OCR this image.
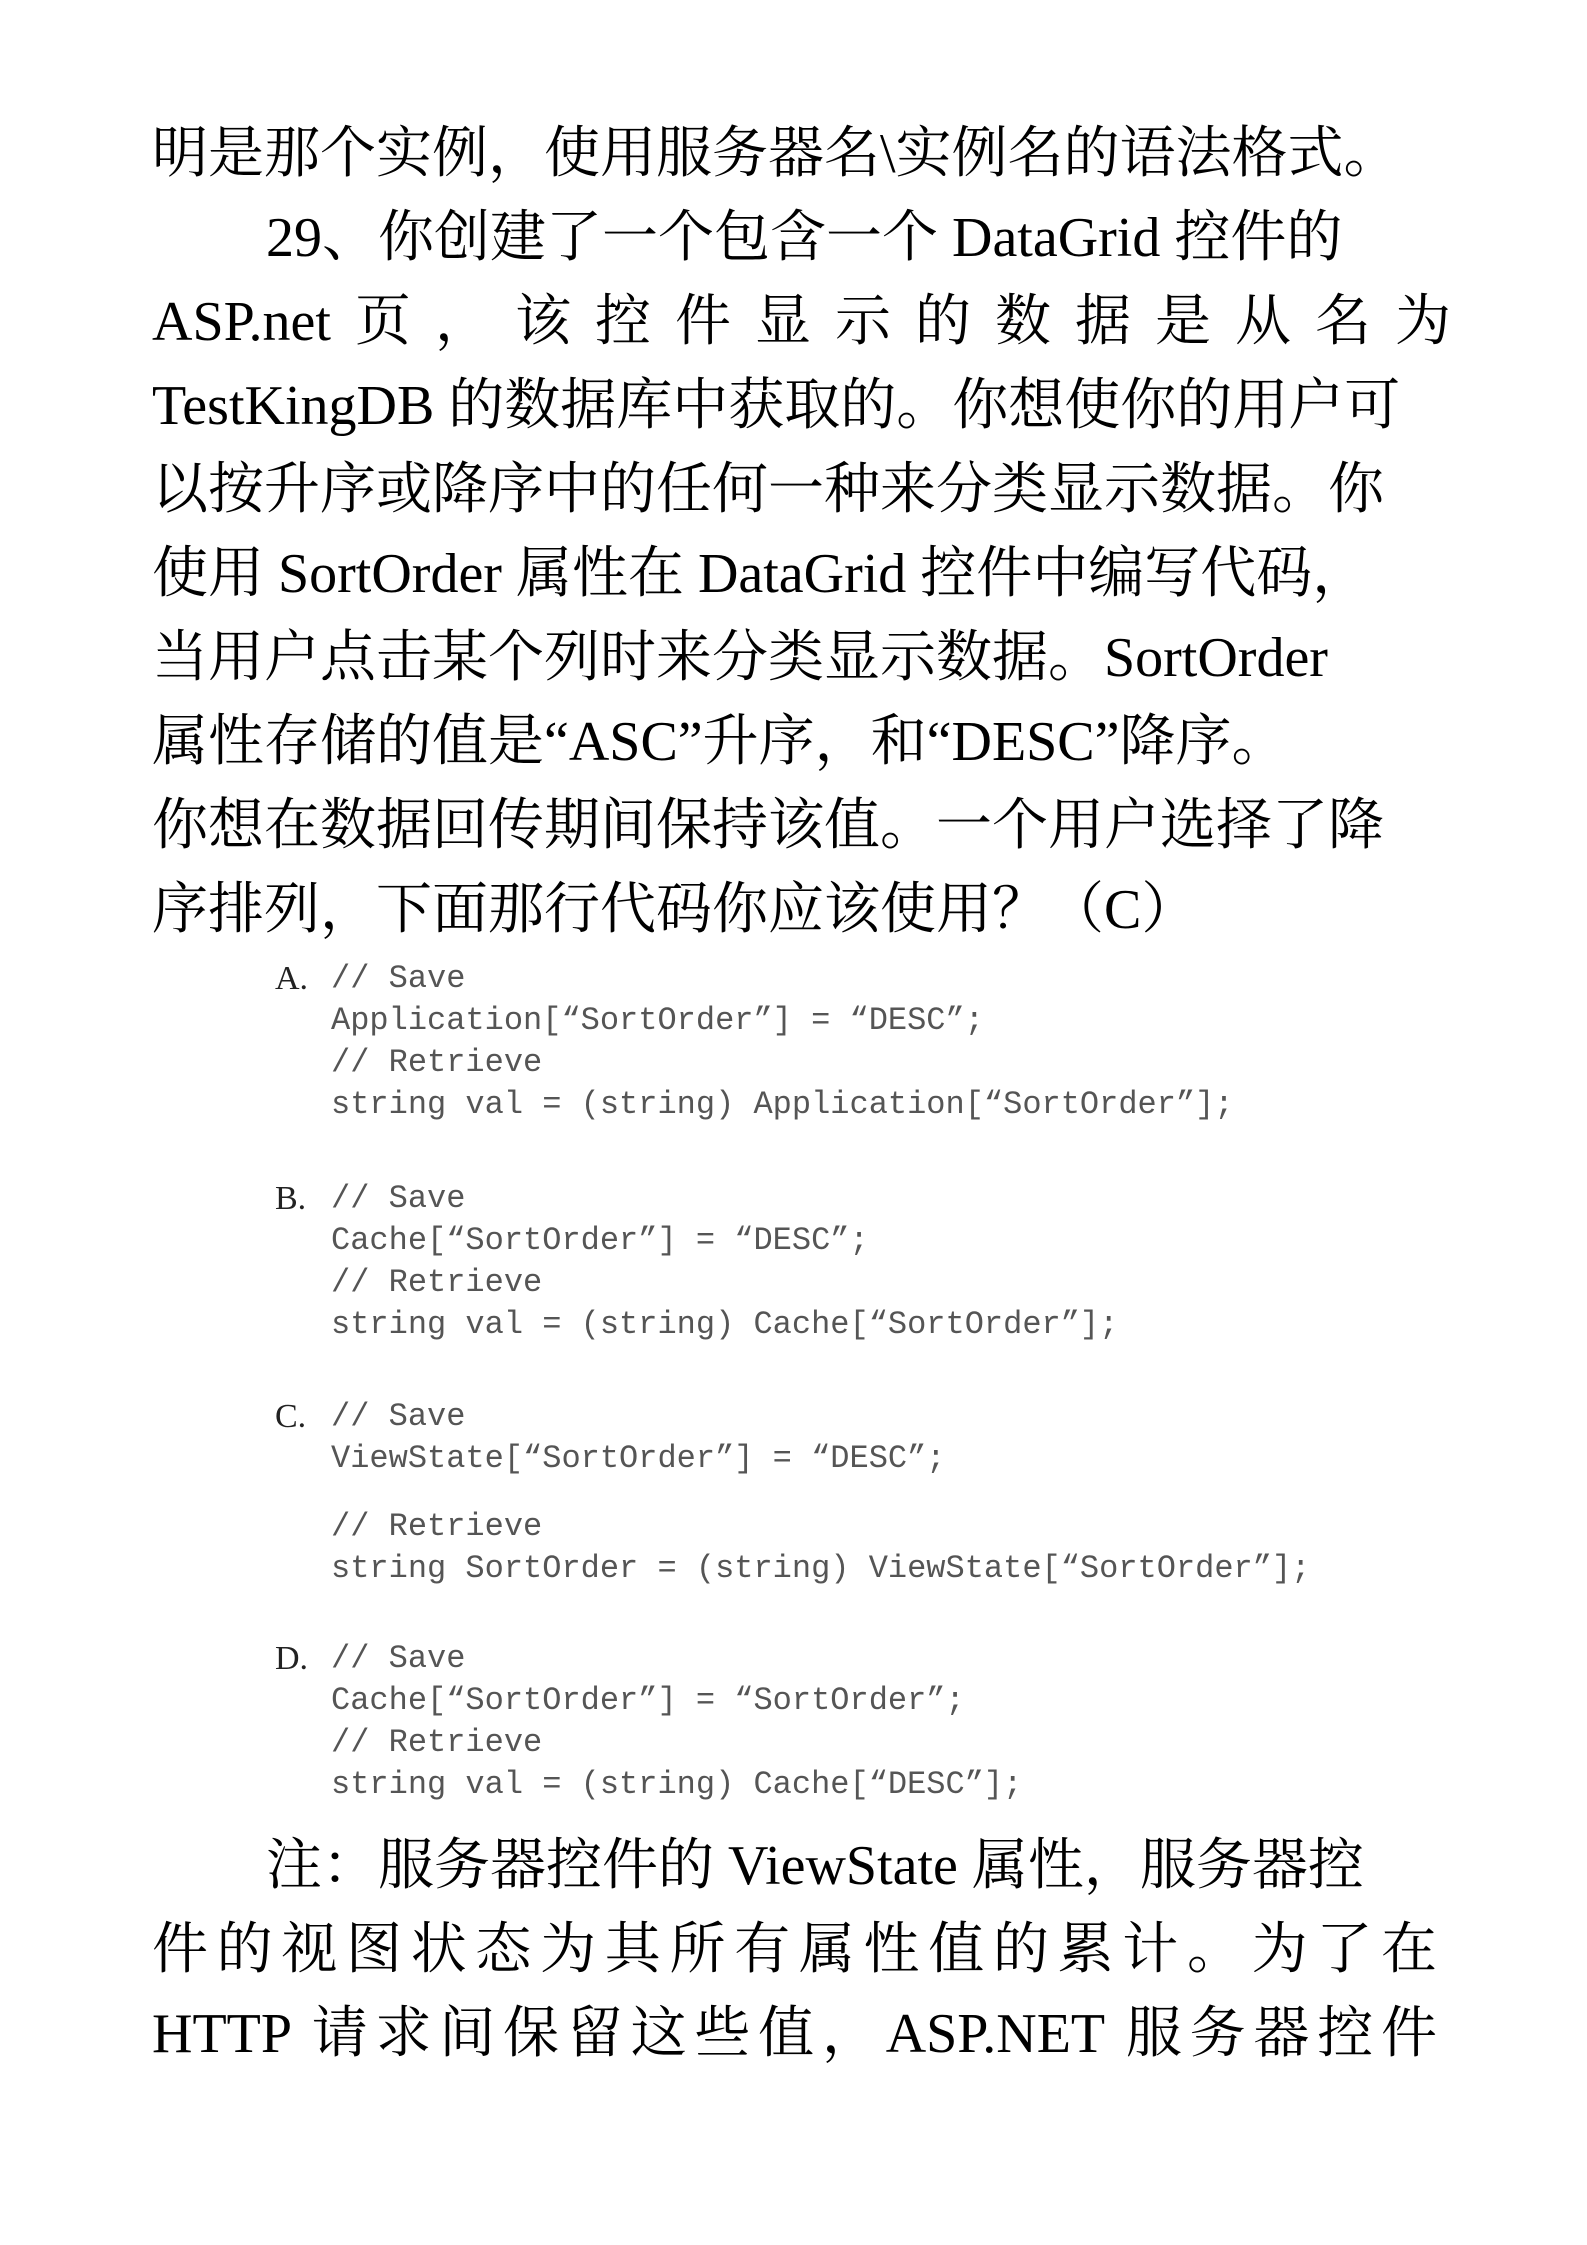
明是那个实例，使用服务器名\实例名的语法格式。
29、你创建了一个包含一个 DataGrid 控件的
ASP.net 页 ， 该 控 件 显 示 的 数 据 是 从 名 为
TestKingDB 的数据库中获取的。你想使你的用户可
以按升序或降序中的任何一种来分类显示数据。你
使用 SortOrder 属性在 DataGrid 控件中编写代码，
当用户点击某个列时来分类显示数据。SortOrder
属性存储的值是“ASC”升序，和“DESC”降序。
你想在数据回传期间保持该值。一个用户选择了降
序排列，下面那行代码你应该使用？（C）
A. // Save
Application[“SortOrder”] = “DESC”;
// Retrieve
string val = (string) Application[“SortOrder”];
B. // Save
Cache[“SortOrder”] = “DESC”;
// Retrieve
string val = (string) Cache[“SortOrder”];
C. // Save
ViewState[“SortOrder”] = “DESC”;
// Retrieve
string SortOrder = (string) ViewState[“SortOrder”];
D. // Save
Cache[“SortOrder”] = “SortOrder”;
// Retrieve
string val = (string) Cache[“DESC”];
注：服务器控件的 ViewState 属性，服务器控
件的视图状态为其所有属性值的累计。为了在
HTTP 请求间保留这些值，ASP.NET 服务器控件
